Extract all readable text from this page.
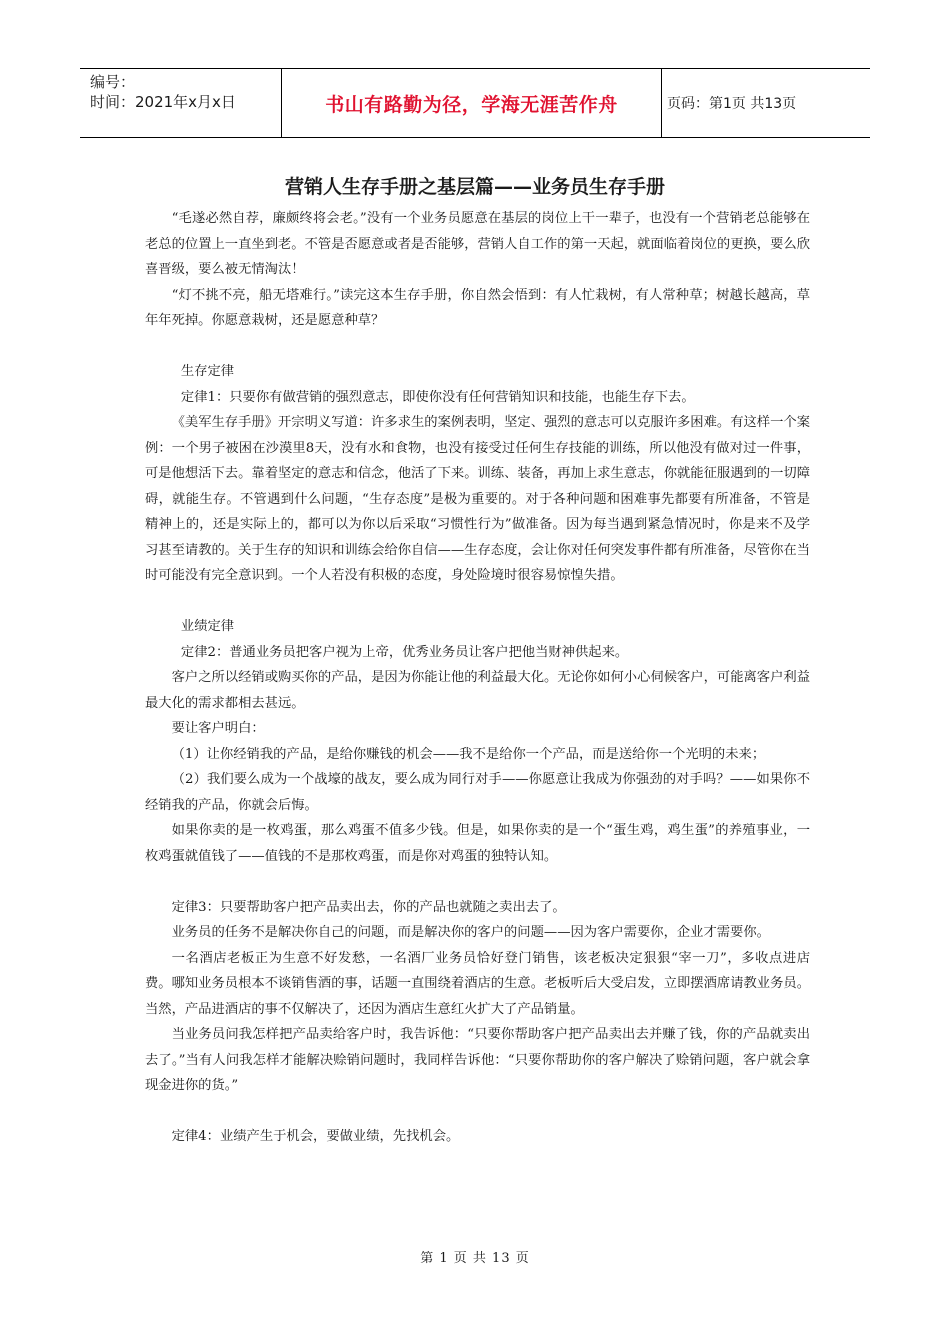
编号：
时间：2021年x月x日	书山有路勤为径，学海无涯苦作舟	页码：第1页 共13页
营销人生存手册之基层篇——业务员生存手册

“毛遂必然自荐，廉颇终将会老。”没有一个业务员愿意在基层的岗位上干一辈子，也没有一个营销老总能够在老总的位置上一直坐到老。不管是否愿意或者是否能够，营销人自工作的第一天起，就面临着岗位的更换，要么欣喜晋级，要么被无情淘汰！

“灯不挑不亮，船无塔难行。”读完这本生存手册，你自然会悟到：有人忙栽树，有人常种草；树越长越高，草年年死掉。你愿意栽树，还是愿意种草？

生存定律

定律1：只要你有做营销的强烈意志，即使你没有任何营销知识和技能，也能生存下去。

《美军生存手册》开宗明义写道：许多求生的案例表明，坚定、强烈的意志可以克服许多困难。有这样一个案例：一个男子被困在沙漠里8天，没有水和食物，也没有接受过任何生存技能的训练，所以他没有做对过一件事，可是他想活下去。靠着坚定的意志和信念，他活了下来。训练、装备，再加上求生意志，你就能征服遇到的一切障碍，就能生存。不管遇到什么问题，“生存态度”是极为重要的。对于各种问题和困难事先都要有所准备，不管是精神上的，还是实际上的，都可以为你以后采取“习惯性行为”做准备。因为每当遇到紧急情况时，你是来不及学习甚至请教的。关于生存的知识和训练会给你自信——生存态度，会让你对任何突发事件都有所准备，尽管你在当时可能没有完全意识到。一个人若没有积极的态度，身处险境时很容易惊惶失措。

业绩定律

定律2：普通业务员把客户视为上帝，优秀业务员让客户把他当财神供起来。

客户之所以经销或购买你的产品，是因为你能让他的利益最大化。无论你如何小心伺候客户，可能离客户利益最大化的需求都相去甚远。

要让客户明白：

（1）让你经销我的产品，是给你赚钱的机会——我不是给你一个产品，而是送给你一个光明的未来；

（2）我们要么成为一个战壕的战友，要么成为同行对手——你愿意让我成为你强劲的对手吗？——如果你不经销我的产品，你就会后悔。

如果你卖的是一枚鸡蛋，那么鸡蛋不值多少钱。但是，如果你卖的是一个“蛋生鸡，鸡生蛋”的养殖事业，一枚鸡蛋就值钱了——值钱的不是那枚鸡蛋，而是你对鸡蛋的独特认知。

定律3：只要帮助客户把产品卖出去，你的产品也就随之卖出去了。

业务员的任务不是解决你自己的问题，而是解决你的客户的问题——因为客户需要你，企业才需要你。

一名酒店老板正为生意不好发愁，一名酒厂业务员恰好登门销售，该老板决定狠狠“宰一刀”，多收点进店费。哪知业务员根本不谈销售酒的事，话题一直围绕着酒店的生意。老板听后大受启发，立即摆酒席请教业务员。当然，产品进酒店的事不仅解决了，还因为酒店生意红火扩大了产品销量。

当业务员问我怎样把产品卖给客户时，我告诉他：“只要你帮助客户把产品卖出去并赚了钱，你的产品就卖出去了。”当有人问我怎样才能解决赊销问题时，我同样告诉他：“只要你帮助你的客户解决了赊销问题，客户就会拿现金进你的货。”

定律4：业绩产生于机会，要做业绩，先找机会。

第 1 页 共 13 页
